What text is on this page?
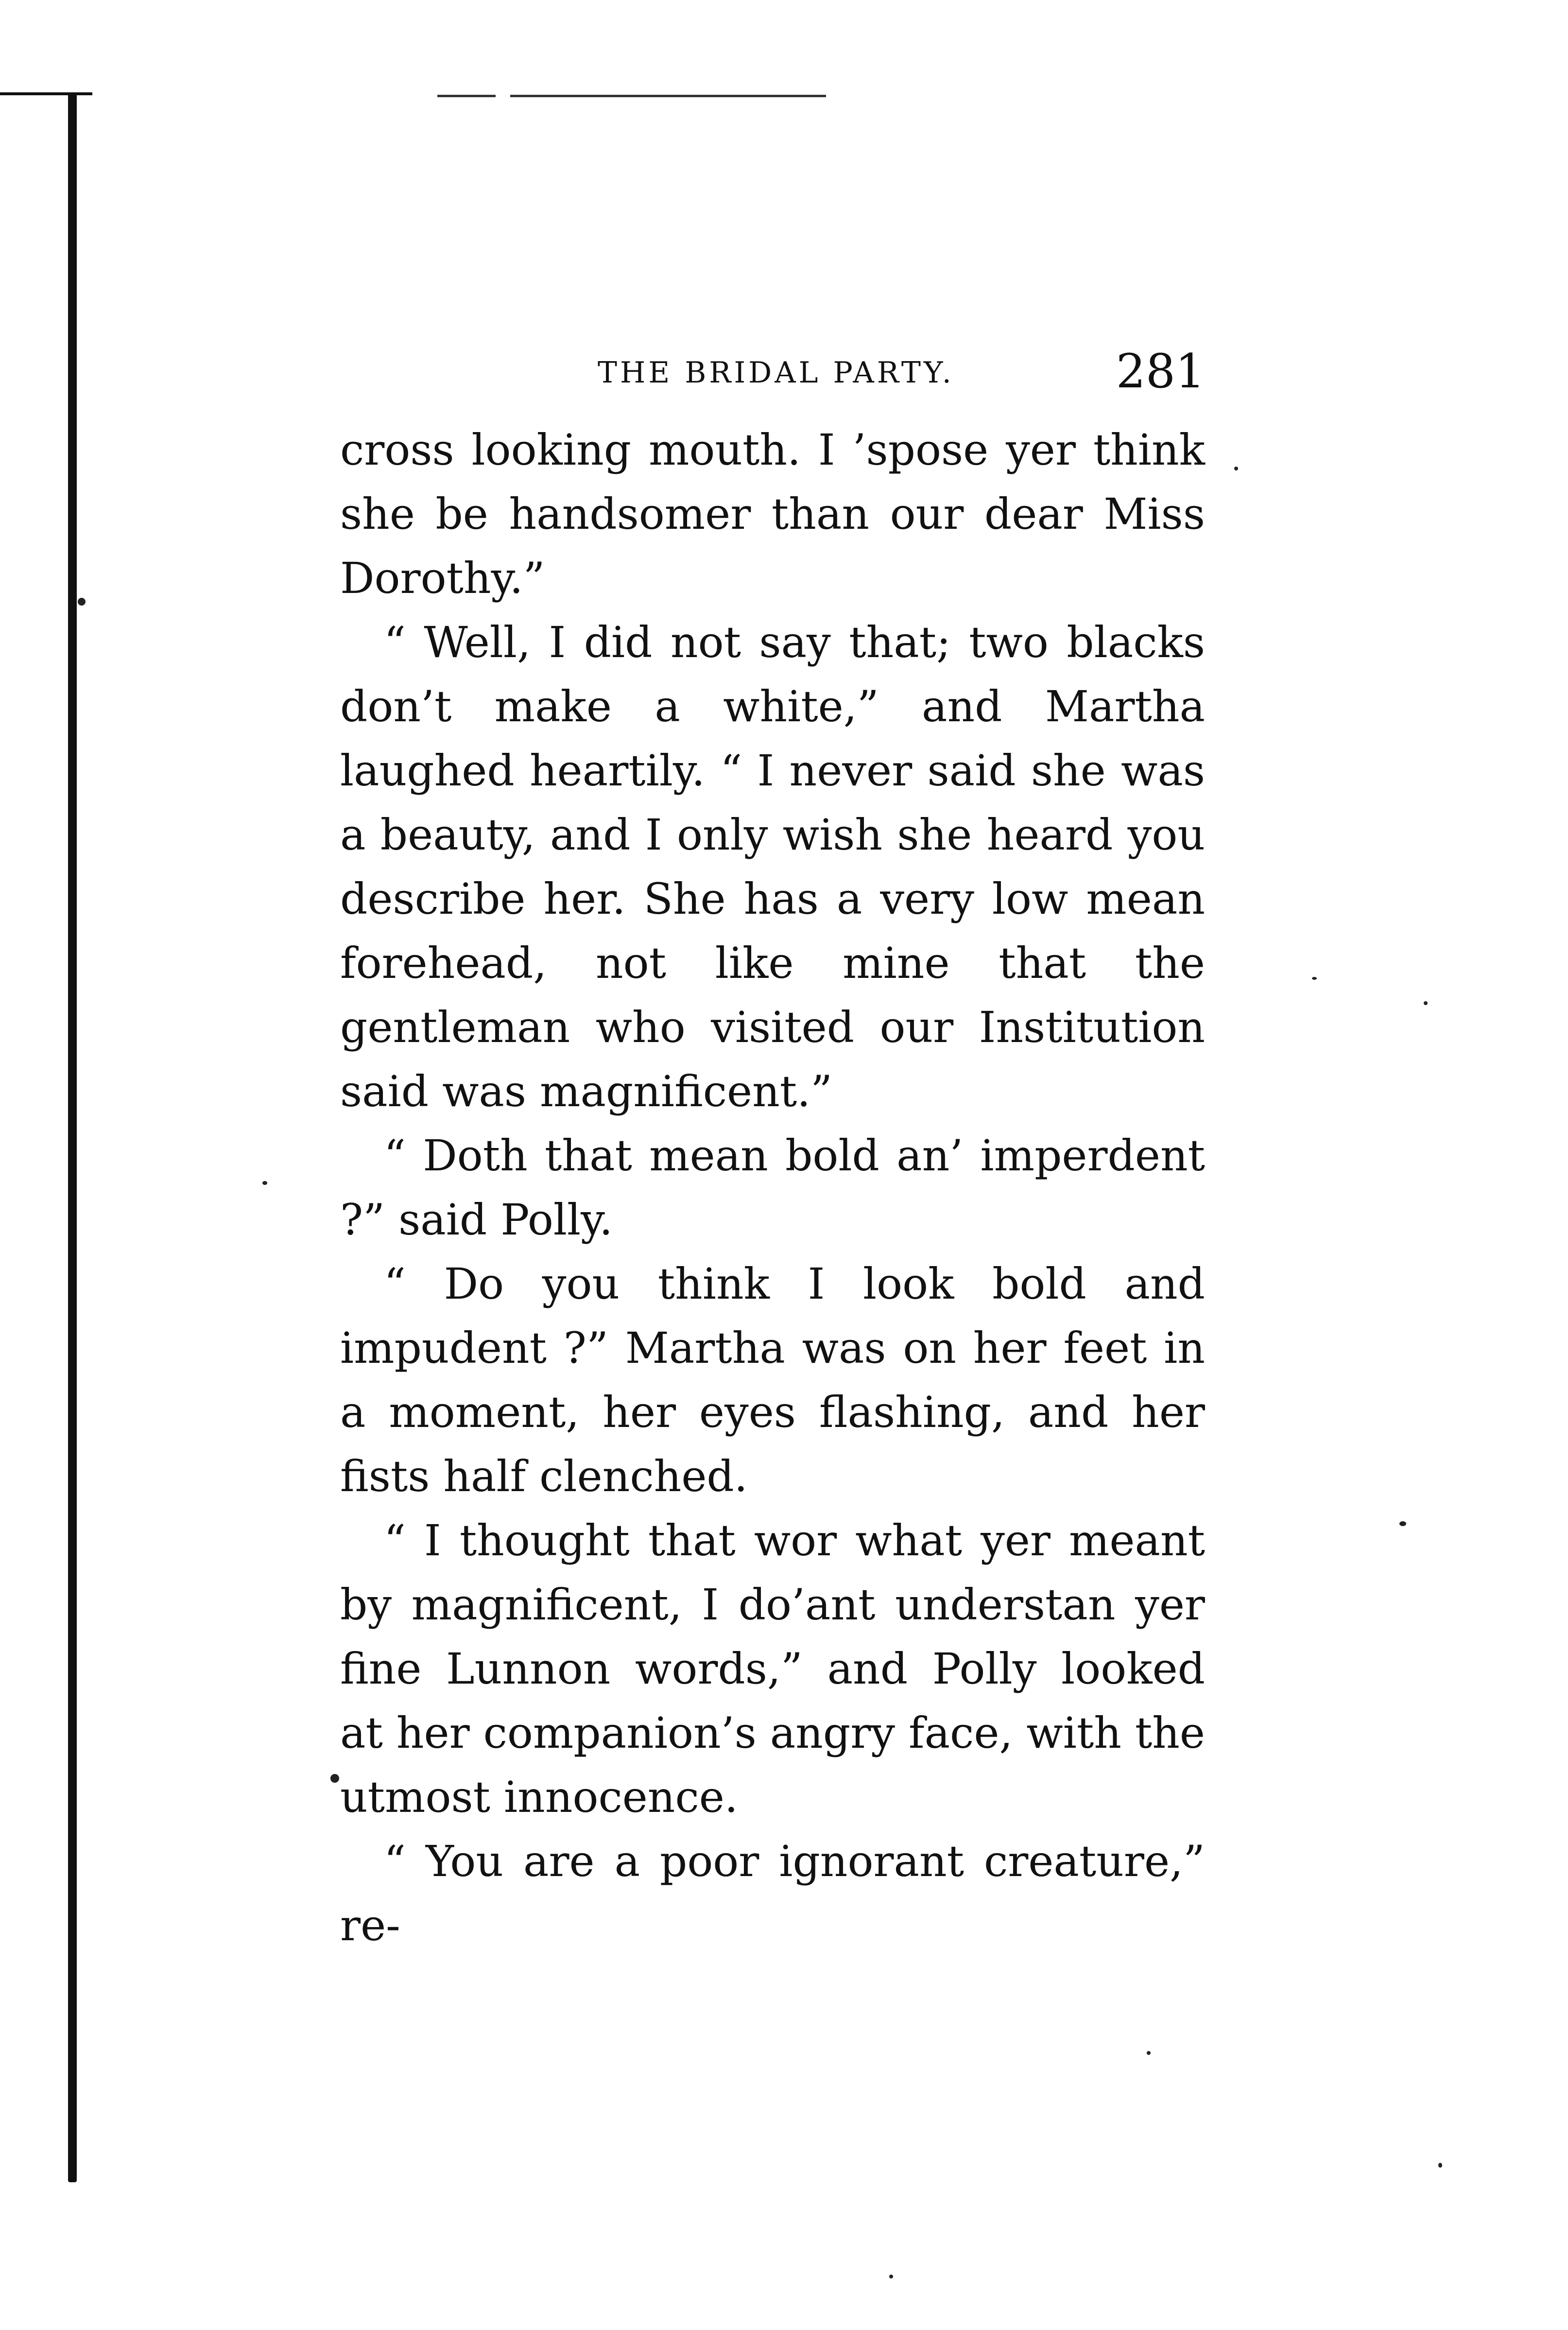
THE BRIDAL PARTY.	281

cross looking mouth. I ’spose yer think she be handsomer than our dear Miss Dorothy.”

“ Well, I did not say that; two blacks don’t make a white,” and Martha laughed heartily. “ I never said she was a beauty, and I only wish she heard you describe her. She has a very low mean forehead, not like mine that the gentleman who visited our Institution said was magnificent.”

“ Doth that mean bold an’ imperdent ?” said Polly.

“ Do you think I look bold and impudent ?” Martha was on her feet in a moment, her eyes flashing, and her fists half clenched.

“ I thought that wor what yer meant by magnificent, I do’ant understan yer fine Lunnon words,” and Polly looked at her companion’s angry face, with the utmost innocence.

“ You are a poor ignorant creature,” re-
